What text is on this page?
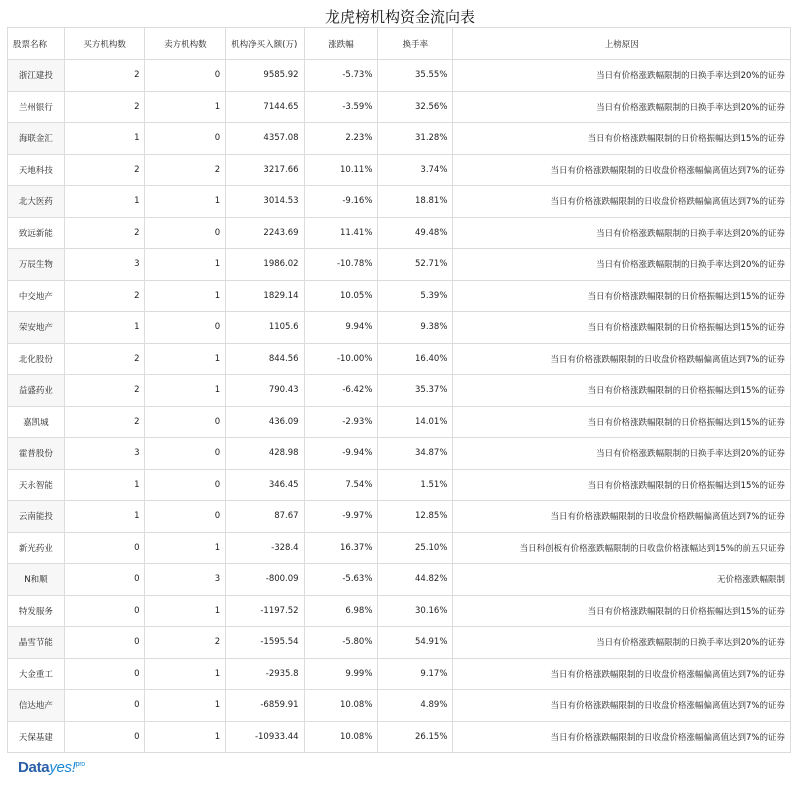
龙虎榜机构资金流向表
股票名称	买方机构数	卖方机构数	机构净买入额(万)	涨跌幅	换手率	上榜原因
浙江建投	2	0	9585.92	-5.73%	35.55%	当日有价格涨跌幅限制的日换手率达到20%的证券
兰州银行	2	1	7144.65	-3.59%	32.56%	当日有价格涨跌幅限制的日换手率达到20%的证券
海联金汇	1	0	4357.08	2.23%	31.28%	当日有价格涨跌幅限制的日价格振幅达到15%的证券
天地科技	2	2	3217.66	10.11%	3.74%	当日有价格涨跌幅限制的日收盘价格涨幅偏离值达到7%的证券
北大医药	1	1	3014.53	-9.16%	18.81%	当日有价格涨跌幅限制的日收盘价格跌幅偏离值达到7%的证券
致远新能	2	0	2243.69	11.41%	49.48%	当日有价格涨跌幅限制的日换手率达到20%的证券
万辰生物	3	1	1986.02	-10.78%	52.71%	当日有价格涨跌幅限制的日换手率达到20%的证券
中交地产	2	1	1829.14	10.05%	5.39%	当日有价格涨跌幅限制的日价格振幅达到15%的证券
荣安地产	1	0	1105.6	9.94%	9.38%	当日有价格涨跌幅限制的日价格振幅达到15%的证券
北化股份	2	1	844.56	-10.00%	16.40%	当日有价格涨跌幅限制的日收盘价格跌幅偏离值达到7%的证券
益盛药业	2	1	790.43	-6.42%	35.37%	当日有价格涨跌幅限制的日价格振幅达到15%的证券
嘉凯城	2	0	436.09	-2.93%	14.01%	当日有价格涨跌幅限制的日价格振幅达到15%的证券
霍普股份	3	0	428.98	-9.94%	34.87%	当日有价格涨跌幅限制的日换手率达到20%的证券
天永智能	1	0	346.45	7.54%	1.51%	当日有价格涨跌幅限制的日价格振幅达到15%的证券
云南能投	1	0	87.67	-9.97%	12.85%	当日有价格涨跌幅限制的日收盘价格跌幅偏离值达到7%的证券
新光药业	0	1	-328.4	16.37%	25.10%	当日科创板有价格涨跌幅限制的日收盘价格涨幅达到15%的前五只证券
N和顺	0	3	-800.09	-5.63%	44.82%	无价格涨跌幅限制
特发服务	0	1	-1197.52	6.98%	30.16%	当日有价格涨跌幅限制的日价格振幅达到15%的证券
晶雪节能	0	2	-1595.54	-5.80%	54.91%	当日有价格涨跌幅限制的日换手率达到20%的证券
大金重工	0	1	-2935.8	9.99%	9.17%	当日有价格涨跌幅限制的日收盘价格涨幅偏离值达到7%的证券
信达地产	0	1	-6859.91	10.08%	4.89%	当日有价格涨跌幅限制的日收盘价格涨幅偏离值达到7%的证券
天保基建	0	1	-10933.44	10.08%	26.15%	当日有价格涨跌幅限制的日收盘价格涨幅偏离值达到7%的证券
Datayes!$^{pro}$
